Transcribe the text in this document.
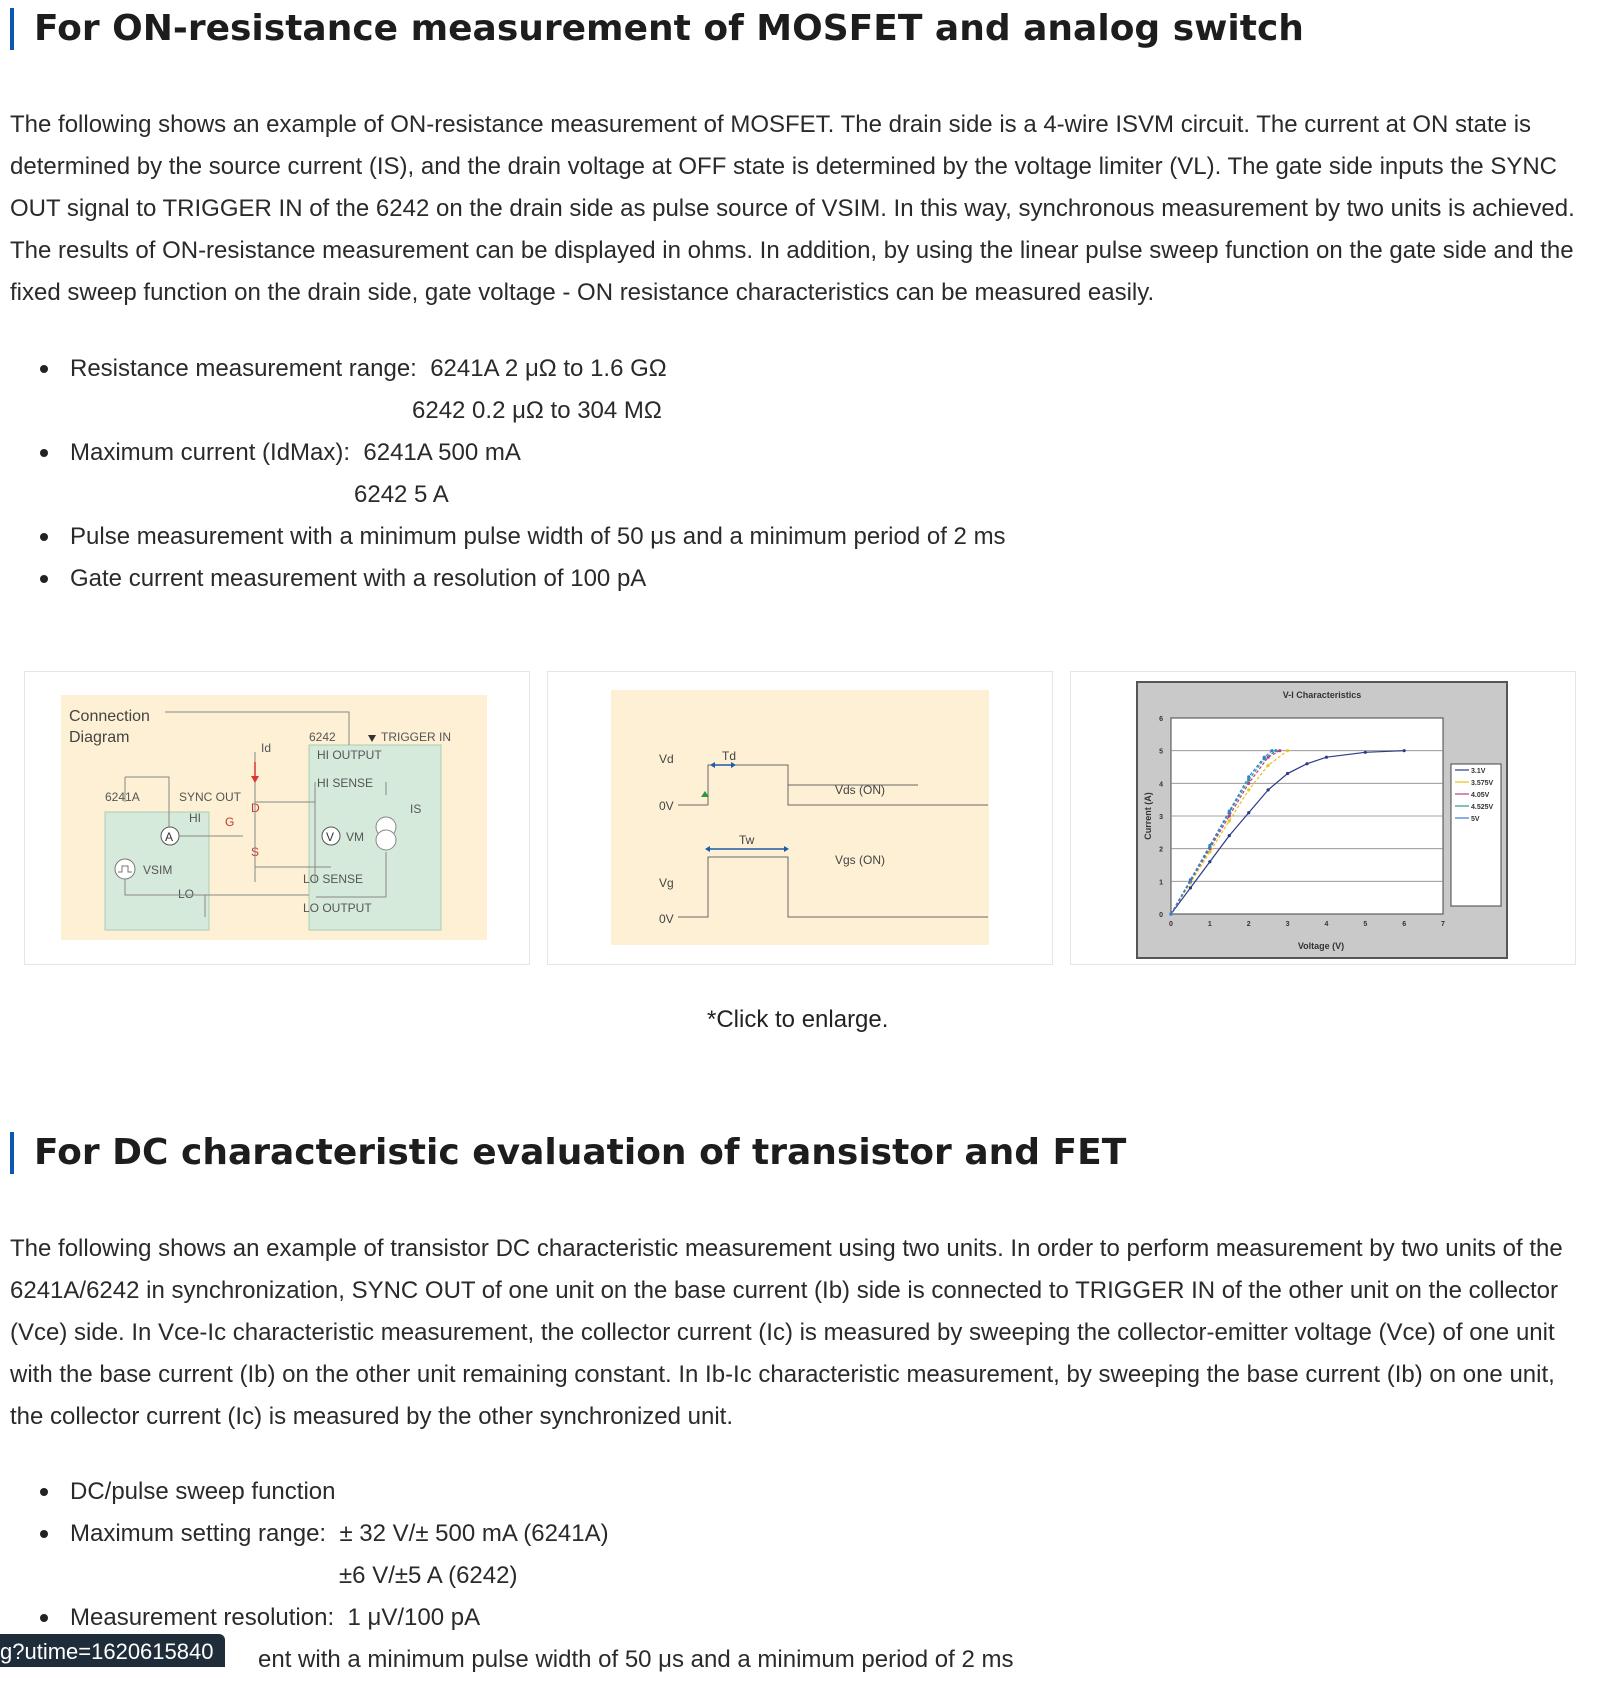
For ON-resistance measurement of MOSFET and analog switch

The following shows an example of ON-resistance measurement of MOSFET. The drain side is a 4-wire ISVM circuit. The current at ON state is determined by the source current (IS), and the drain voltage at OFF state is determined by the voltage limiter (VL). The gate side inputs the SYNC OUT signal to TRIGGER IN of the 6242 on the drain side as pulse source of VSIM. In this way, synchronous measurement by two units is achieved. The results of ON-resistance measurement can be displayed in ohms. In addition, by using the linear pulse sweep function on the gate side and the fixed sweep function on the drain side, gate voltage - ON resistance characteristics can be measured easily.

Resistance measurement range: 6241A 2 μΩ to 1.6 GΩ
6242 0.2 μΩ to 304 MΩ
Maximum current (IdMax): 6241A 500 mA
6242 5 A
Pulse measurement with a minimum pulse width of 50 μs and a minimum period of 2 ms
Gate current measurement with a resolution of 100 pA
Connection
Diagram	6242	TRIGGER IN
Id	HI OUTPUT
HI SENSE
6241A	SYNC OUT
HI
D
G
S
IS
A	V VM
VSIM
LO
LO SENSE
LO OUTPUT
Vd
0V
Vg
0V
Td
Tw
Vds (ON)
Vgs (ON)
V-I Characteristics
Voltage (V)
Current (A)
0
1
2
3
4
5
6
0	1	2	3	4	5	6	7
3.1V
3.575V
4.05V
4.525V
5V
*Click to enlarge.
For DC characteristic evaluation of transistor and FET

The following shows an example of transistor DC characteristic measurement using two units. In order to perform measurement by two units of the 6241A/6242 in synchronization, SYNC OUT of one unit on the base current (Ib) side is connected to TRIGGER IN of the other unit on the collector (Vce) side. In Vce-Ic characteristic measurement, the collector current (Ic) is measured by sweeping the collector-emitter voltage (Vce) of one unit with the base current (Ib) on the other unit remaining constant. In Ib-Ic characteristic measurement, by sweeping the base current (Ib) on one unit, the collector current (Ic) is measured by the other synchronized unit.

DC/pulse sweep function
Maximum setting range: ± 32 V/± 500 mA (6241A)
±6 V/±5 A (6242)
Measurement resolution: 1 μV/100 pA
ent with a minimum pulse width of 50 μs and a minimum period of 2 ms
g?utime=1620615840
